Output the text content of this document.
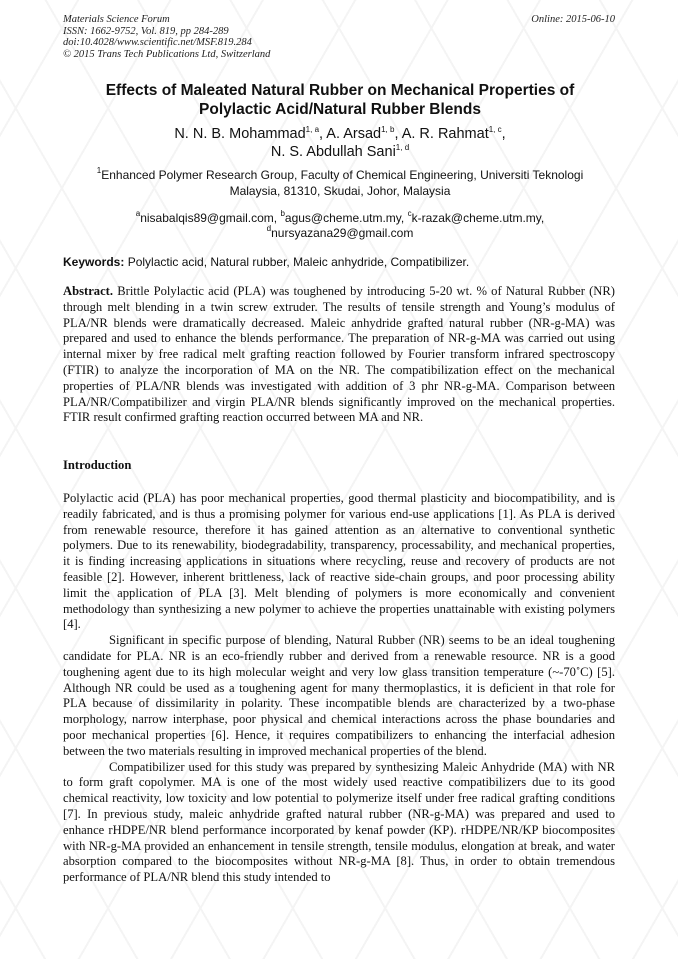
Materials Science Forum
ISSN: 1662-9752, Vol. 819, pp 284-289
doi:10.4028/www.scientific.net/MSF.819.284
© 2015 Trans Tech Publications Ltd, Switzerland
Online: 2015-06-10
Effects of Maleated Natural Rubber on Mechanical Properties of
Polylactic Acid/Natural Rubber Blends
N. N. B. Mohammad$^{1, a}$, A. Arsad$^{1, b}$, A. R. Rahmat$^{1, c}$,
N. S. Abdullah Sani$^{1, d}$
$^1$Enhanced Polymer Research Group, Faculty of Chemical Engineering, Universiti Teknologi
Malaysia, 81310, Skudai, Johor, Malaysia
$^a$nisabalqis89@gmail.com, $^b$agus@cheme.utm.my, $^c$k-razak@cheme.utm.my,
$^d$nursyazana29@gmail.com
Keywords: Polylactic acid, Natural rubber, Maleic anhydride, Compatibilizer.
Abstract. Brittle Polylactic acid (PLA) was toughened by introducing 5-20 wt. % of Natural Rubber (NR) through melt blending in a twin screw extruder. The results of tensile strength and Young’s modulus of PLA/NR blends were dramatically decreased. Maleic anhydride grafted natural rubber (NR-g-MA) was prepared and used to enhance the blends performance. The preparation of NR-g-MA was carried out using internal mixer by free radical melt grafting reaction followed by Fourier transform infrared spectroscopy (FTIR) to analyze the incorporation of MA on the NR. The compatibilization effect on the mechanical properties of PLA/NR blends was investigated with addition of 3 phr NR-g-MA. Comparison between PLA/NR/Compatibilizer and virgin PLA/NR blends significantly improved on the mechanical properties. FTIR result confirmed grafting reaction occurred between MA and NR.
Introduction

Polylactic acid (PLA) has poor mechanical properties, good thermal plasticity and biocompatibility, and is readily fabricated, and is thus a promising polymer for various end-use applications [1]. As PLA is derived from renewable resource, therefore it has gained attention as an alternative to conventional synthetic polymers. Due to its renewability, biodegradability, transparency, processability, and mechanical properties, it is finding increasing applications in situations where recycling, reuse and recovery of products are not feasible [2]. However, inherent brittleness, lack of reactive side-chain groups, and poor processing ability limit the application of PLA [3]. Melt blending of polymers is more economically and convenient methodology than synthesizing a new polymer to achieve the properties unattainable with existing polymers [4].

Significant in specific purpose of blending, Natural Rubber (NR) seems to be an ideal toughening candidate for PLA. NR is an eco-friendly rubber and derived from a renewable resource. NR is a good toughening agent due to its high molecular weight and very low glass transition temperature (~-70˚C) [5]. Although NR could be used as a toughening agent for many thermoplastics, it is deficient in that role for PLA because of dissimilarity in polarity. These incompatible blends are characterized by a two-phase morphology, narrow interphase, poor physical and chemical interactions across the phase boundaries and poor mechanical properties [6]. Hence, it requires compatibilizers to enhancing the interfacial adhesion between the two materials resulting in improved mechanical properties of the blend.

Compatibilizer used for this study was prepared by synthesizing Maleic Anhydride (MA) with NR to form graft copolymer. MA is one of the most widely used reactive compatibilizers due to its good chemical reactivity, low toxicity and low potential to polymerize itself under free radical grafting conditions [7]. In previous study, maleic anhydride grafted natural rubber (NR-g-MA) was prepared and used to enhance rHDPE/NR blend performance incorporated by kenaf powder (KP). rHDPE/NR/KP biocomposites with NR-g-MA provided an enhancement in tensile strength, tensile modulus, elongation at break, and water absorption compared to the biocomposites without NR-g-MA [8]. Thus, in order to obtain tremendous performance of PLA/NR blend this study intended to
